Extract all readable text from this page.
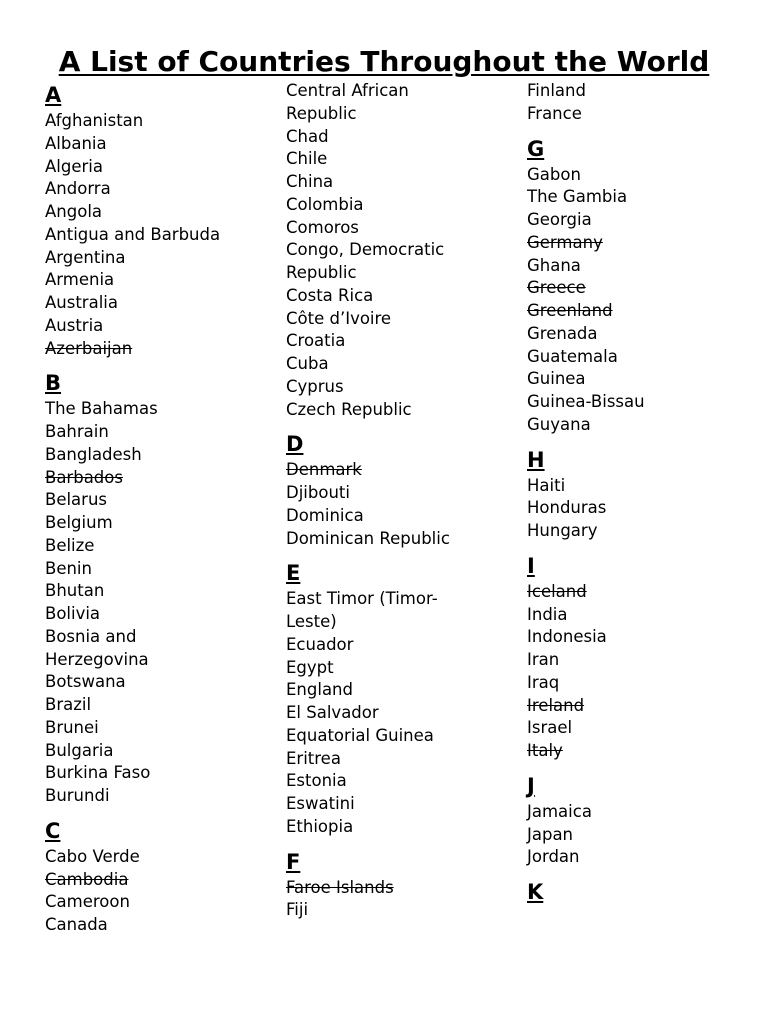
A List of Countries Throughout the World
A
Afghanistan
Albania
Algeria
Andorra
Angola
Antigua and Barbuda
Argentina
Armenia
Australia
Austria
Azerbaijan
B
The Bahamas
Bahrain
Bangladesh
Barbados
Belarus
Belgium
Belize
Benin
Bhutan
Bolivia
Bosnia and
Herzegovina
Botswana
Brazil
Brunei
Bulgaria
Burkina Faso
Burundi
C
Cabo Verde
Cambodia
Cameroon
Canada
Central African
Republic
Chad
Chile
China
Colombia
Comoros
Congo, Democratic
Republic
Costa Rica
Côte d’Ivoire
Croatia
Cuba
Cyprus
Czech Republic
D
Denmark
Djibouti
Dominica
Dominican Republic
E
East Timor (Timor-
Leste)
Ecuador
Egypt
England
El Salvador
Equatorial Guinea
Eritrea
Estonia
Eswatini
Ethiopia
F
Faroe Islands
Fiji
Finland
France
G
Gabon
The Gambia
Georgia
Germany
Ghana
Greece
Greenland
Grenada
Guatemala
Guinea
Guinea-Bissau
Guyana
H
Haiti
Honduras
Hungary
I
Iceland
India
Indonesia
Iran
Iraq
Ireland
Israel
Italy
J
Jamaica
Japan
Jordan
K
